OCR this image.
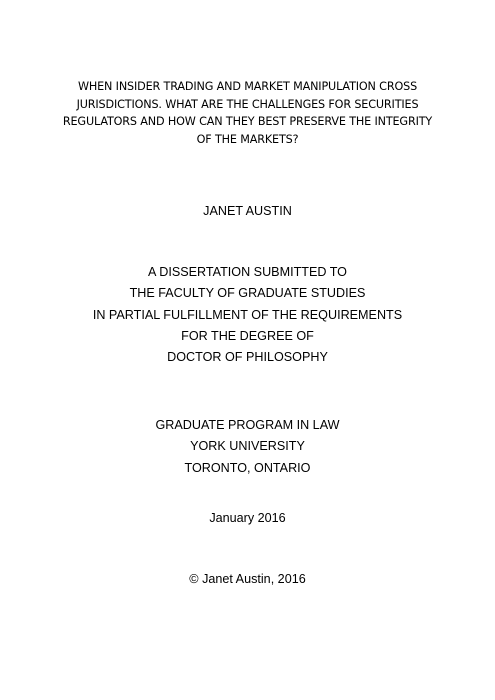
WHEN INSIDER TRADING AND MARKET MANIPULATION CROSS
JURISDICTIONS. WHAT ARE THE CHALLENGES FOR SECURITIES
REGULATORS AND HOW CAN THEY BEST PRESERVE THE INTEGRITY
OF THE MARKETS?
JANET AUSTIN
A DISSERTATION SUBMITTED TO
THE FACULTY OF GRADUATE STUDIES
IN PARTIAL FULFILLMENT OF THE REQUIREMENTS
FOR THE DEGREE OF
DOCTOR OF PHILOSOPHY
GRADUATE PROGRAM IN LAW
YORK UNIVERSITY
TORONTO, ONTARIO
January 2016
© Janet Austin, 2016
